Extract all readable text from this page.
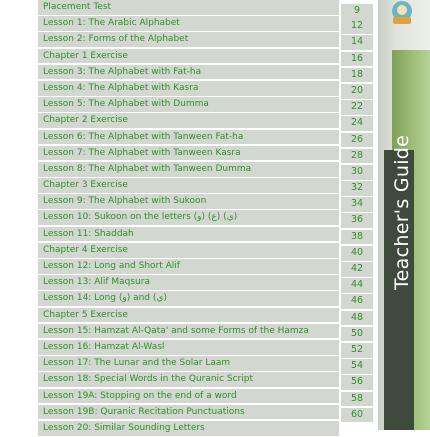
Placement Test	9
Lesson 1: The Arabic Alphabet	12
Lesson 2: Forms of the Alphabet	14
Chapter 1 Exercise	16
Lesson 3: The Alphabet with Fat-ha	18
Lesson 4: The Alphabet with Kasra	20
Lesson 5: The Alphabet with Dumma	22
Chapter 2 Exercise	24
Lesson 6: The Alphabet with Tanween Fat-ha	26
Lesson 7: The Alphabet with Tanween Kasra	28
Lesson 8: The Alphabet with Tanween Dumma	30
Chapter 3 Exercise	32
Lesson 9: The Alphabet with Sukoon	34
Lesson 10: Sukoon on the letters (و) (ع) (ي)	36
Lesson 11: Shaddah	38
Chapter 4 Exercise	40
Lesson 12: Long and Short Alif	42
Lesson 13: Alif Maqsura	44
Lesson 14: Long (و) and (ي)	46
Chapter 5 Exercise	48
Lesson 15: Hamzat Al-Qata' and some Forms of the Hamza	50
Lesson 16: Hamzat Al-Wasl	52
Lesson 17: The Lunar and the Solar Laam	54
Lesson 18: Special Words in the Quranic Script	56
Lesson 19A: Stopping on the end of a word	58
Lesson 19B: Quranic Recitation Punctuations	60
Lesson 20: Similar Sounding Letters
Teacher's Guide
